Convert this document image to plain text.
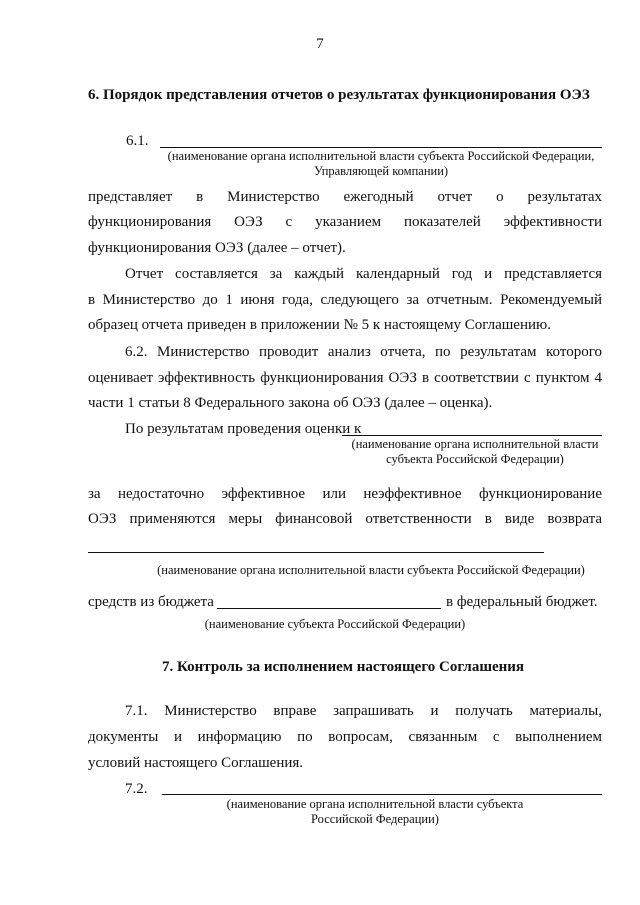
7
6. Порядок представления отчетов о результатах функционирования ОЭЗ
6.1.
(наименование органа исполнительной власти субъекта Российской Федерации,
Управляющей компании)
представляет в Министерство ежегодный отчет о результатах
функционирования ОЭЗ с указанием показателей эффективности
функционирования ОЭЗ (далее – отчет).
Отчет составляется за каждый календарный год и представляется
в Министерство до 1 июня года, следующего за отчетным. Рекомендуемый
образец отчета приведен в приложении № 5 к настоящему Соглашению.
6.2. Министерство проводит анализ отчета, по результатам которого
оценивает эффективность функционирования ОЭЗ в соответствии с пунктом 4
части 1 статьи 8 Федерального закона об ОЭЗ (далее – оценка).
По результатам проведения оценки к
(наименование органа исполнительной власти
субъекта Российской Федерации)
за недостаточно эффективное или неэффективное функционирование
ОЭЗ применяются меры финансовой ответственности в виде возврата
(наименование органа исполнительной власти субъекта Российской Федерации)
средств из бюджета	в федеральный бюджет.
(наименование субъекта Российской Федерации)
7. Контроль за исполнением настоящего Соглашения
7.1. Министерство вправе запрашивать и получать материалы,
документы и информацию по вопросам, связанным с выполнением
условий настоящего Соглашения.
7.2.
(наименование органа исполнительной власти субъекта
Российской Федерации)
